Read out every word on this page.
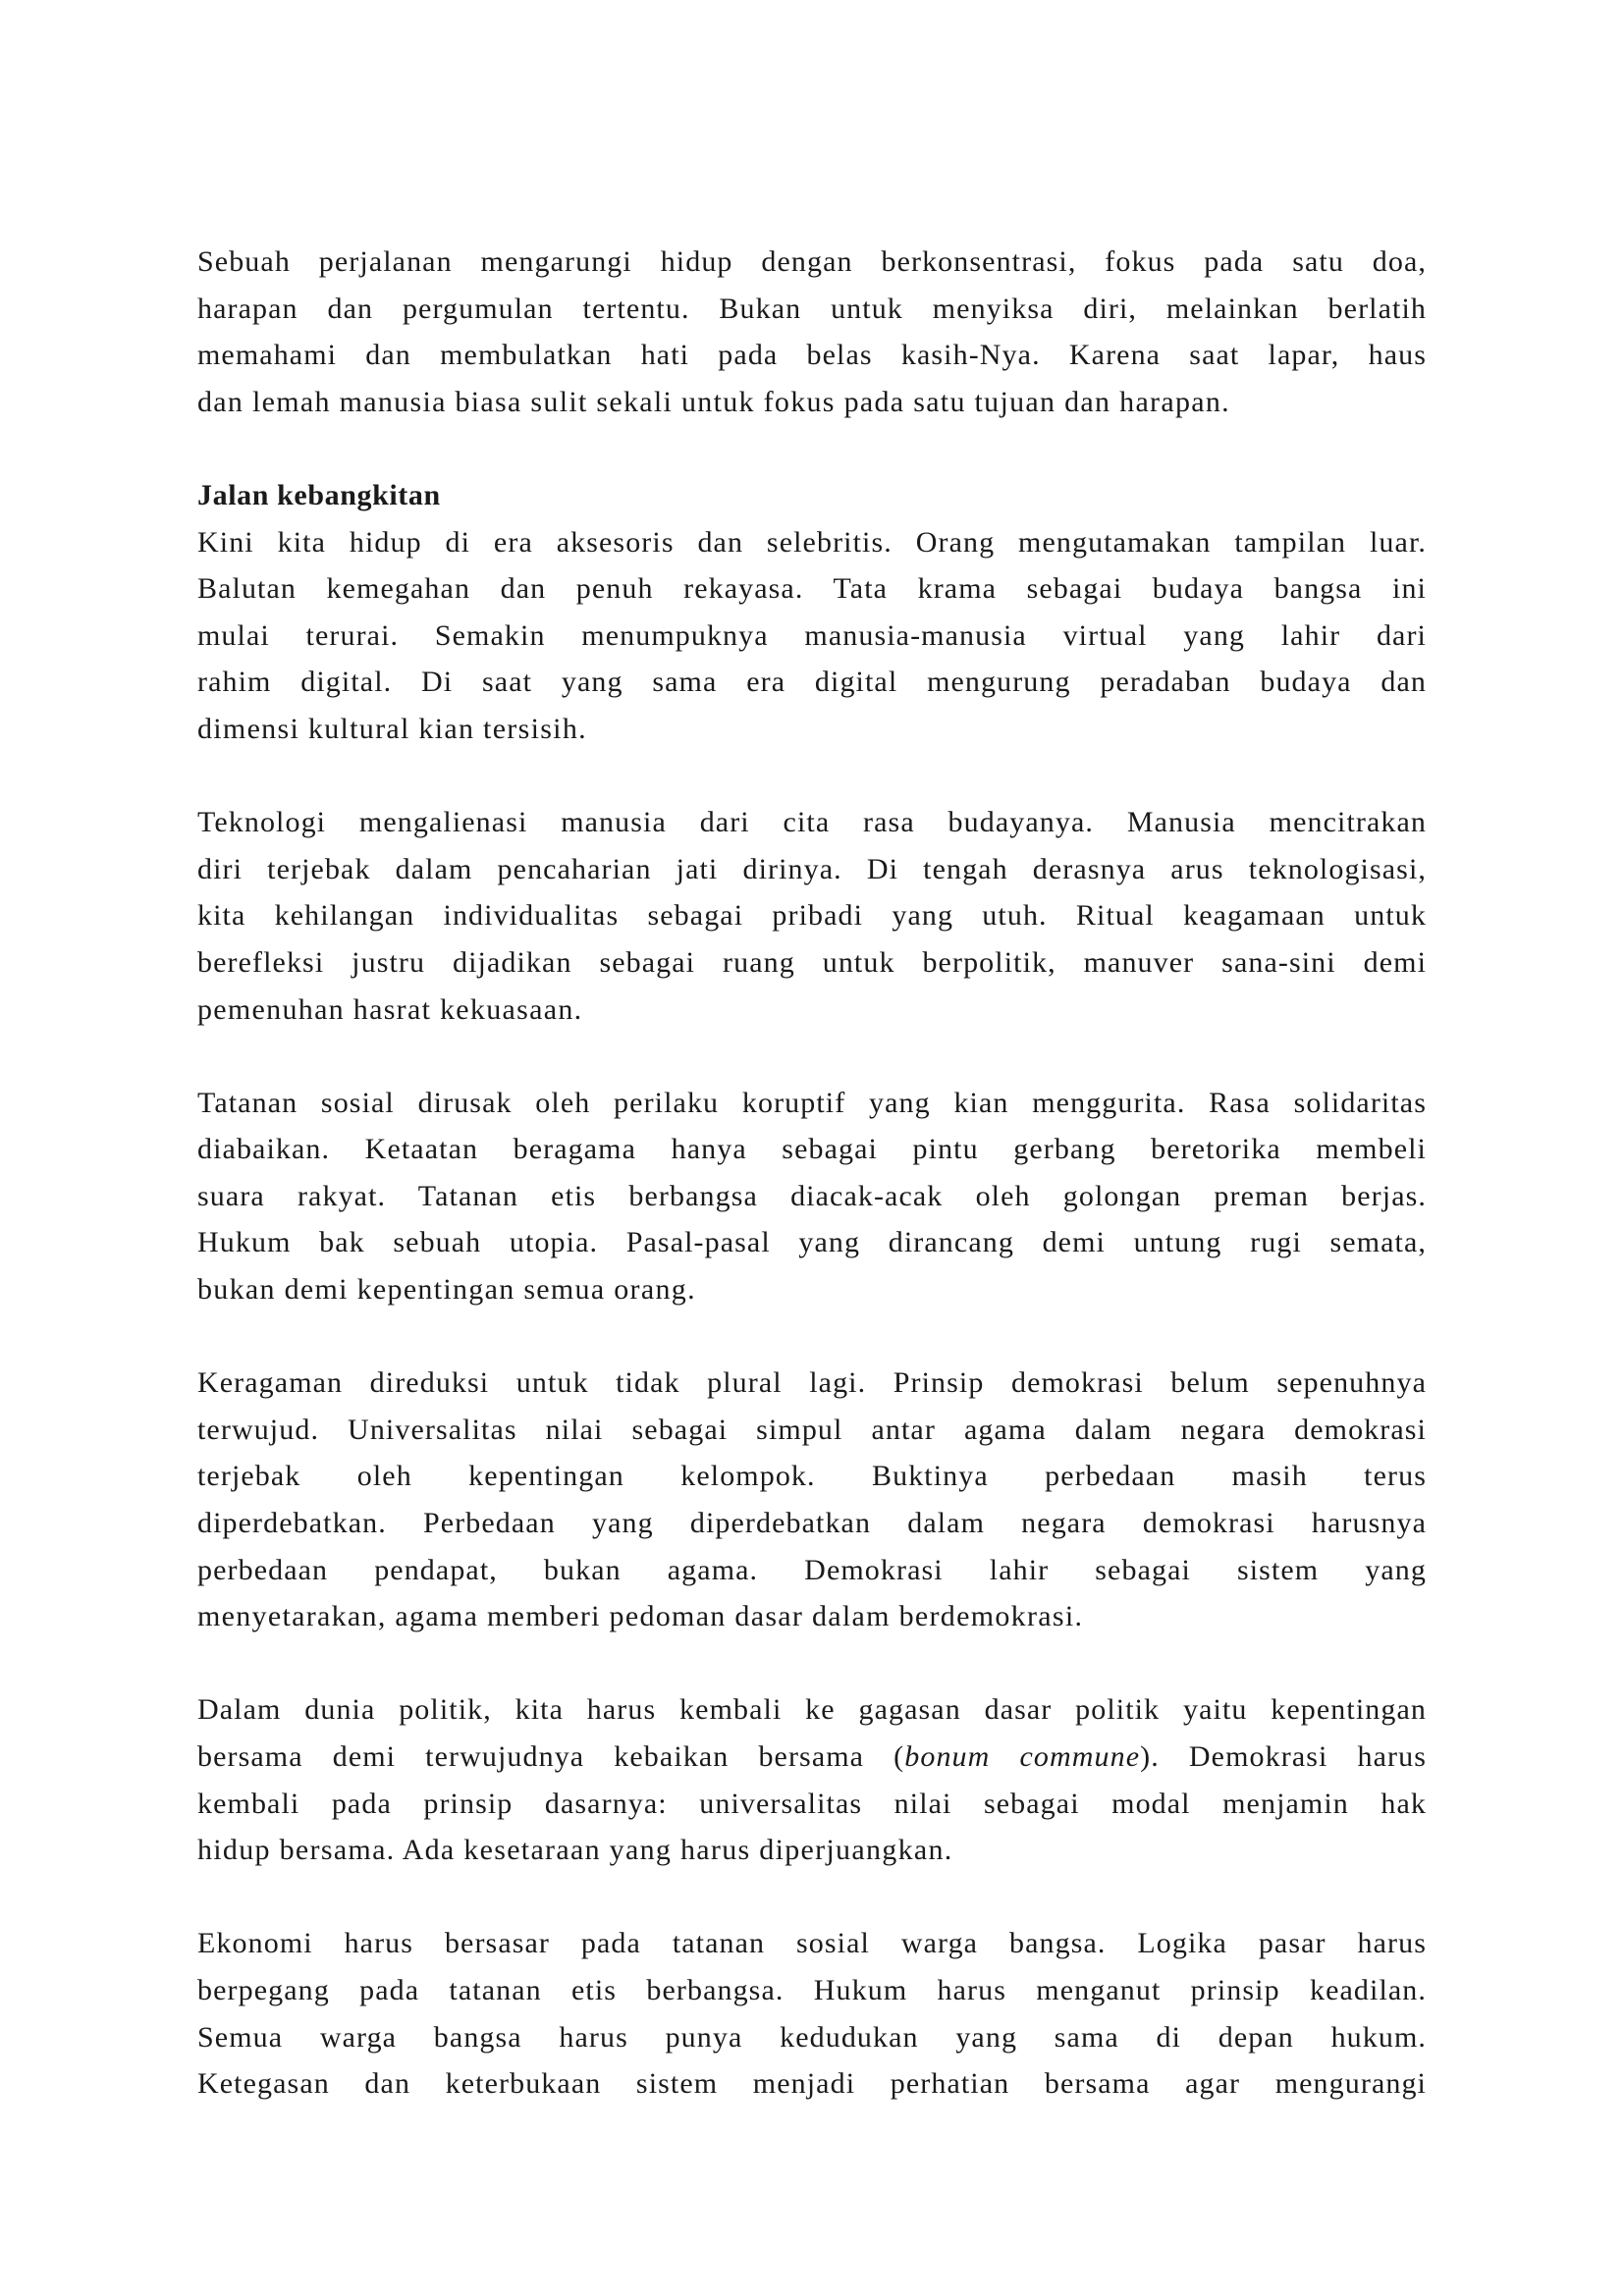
Sebuah perjalanan mengarungi hidup dengan berkonsentrasi, fokus pada satu doa,
harapan dan pergumulan tertentu. Bukan untuk menyiksa diri, melainkan berlatih
memahami dan membulatkan hati pada belas kasih-Nya. Karena saat lapar, haus
dan lemah manusia biasa sulit sekali untuk fokus pada satu tujuan dan harapan.

Jalan kebangkitan
Kini kita hidup di era aksesoris dan selebritis. Orang mengutamakan tampilan luar.
Balutan kemegahan dan penuh rekayasa. Tata krama sebagai budaya bangsa ini
mulai terurai. Semakin menumpuknya manusia-manusia virtual yang lahir dari
rahim digital. Di saat yang sama era digital mengurung peradaban budaya dan
dimensi kultural kian tersisih.

Teknologi mengalienasi manusia dari cita rasa budayanya. Manusia mencitrakan
diri terjebak dalam pencaharian jati dirinya. Di tengah derasnya arus teknologisasi,
kita kehilangan individualitas sebagai pribadi yang utuh. Ritual keagamaan untuk
berefleksi justru dijadikan sebagai ruang untuk berpolitik, manuver sana-sini demi
pemenuhan hasrat kekuasaan.

Tatanan sosial dirusak oleh perilaku koruptif yang kian menggurita. Rasa solidaritas
diabaikan. Ketaatan beragama hanya sebagai pintu gerbang beretorika membeli
suara rakyat. Tatanan etis berbangsa diacak-acak oleh golongan preman berjas.
Hukum bak sebuah utopia. Pasal-pasal yang dirancang demi untung rugi semata,
bukan demi kepentingan semua orang.

Keragaman direduksi untuk tidak plural lagi. Prinsip demokrasi belum sepenuhnya
terwujud. Universalitas nilai sebagai simpul antar agama dalam negara demokrasi
terjebak oleh kepentingan kelompok. Buktinya perbedaan masih terus
diperdebatkan. Perbedaan yang diperdebatkan dalam negara demokrasi harusnya
perbedaan pendapat, bukan agama. Demokrasi lahir sebagai sistem yang
menyetarakan, agama memberi pedoman dasar dalam berdemokrasi.

Dalam dunia politik, kita harus kembali ke gagasan dasar politik yaitu kepentingan
bersama demi terwujudnya kebaikan bersama (bonum commune). Demokrasi harus
kembali pada prinsip dasarnya: universalitas nilai sebagai modal menjamin hak
hidup bersama. Ada kesetaraan yang harus diperjuangkan.

Ekonomi harus bersasar pada tatanan sosial warga bangsa. Logika pasar harus
berpegang pada tatanan etis berbangsa. Hukum harus menganut prinsip keadilan.
Semua warga bangsa harus punya kedudukan yang sama di depan hukum.
Ketegasan dan keterbukaan sistem menjadi perhatian bersama agar mengurangi
